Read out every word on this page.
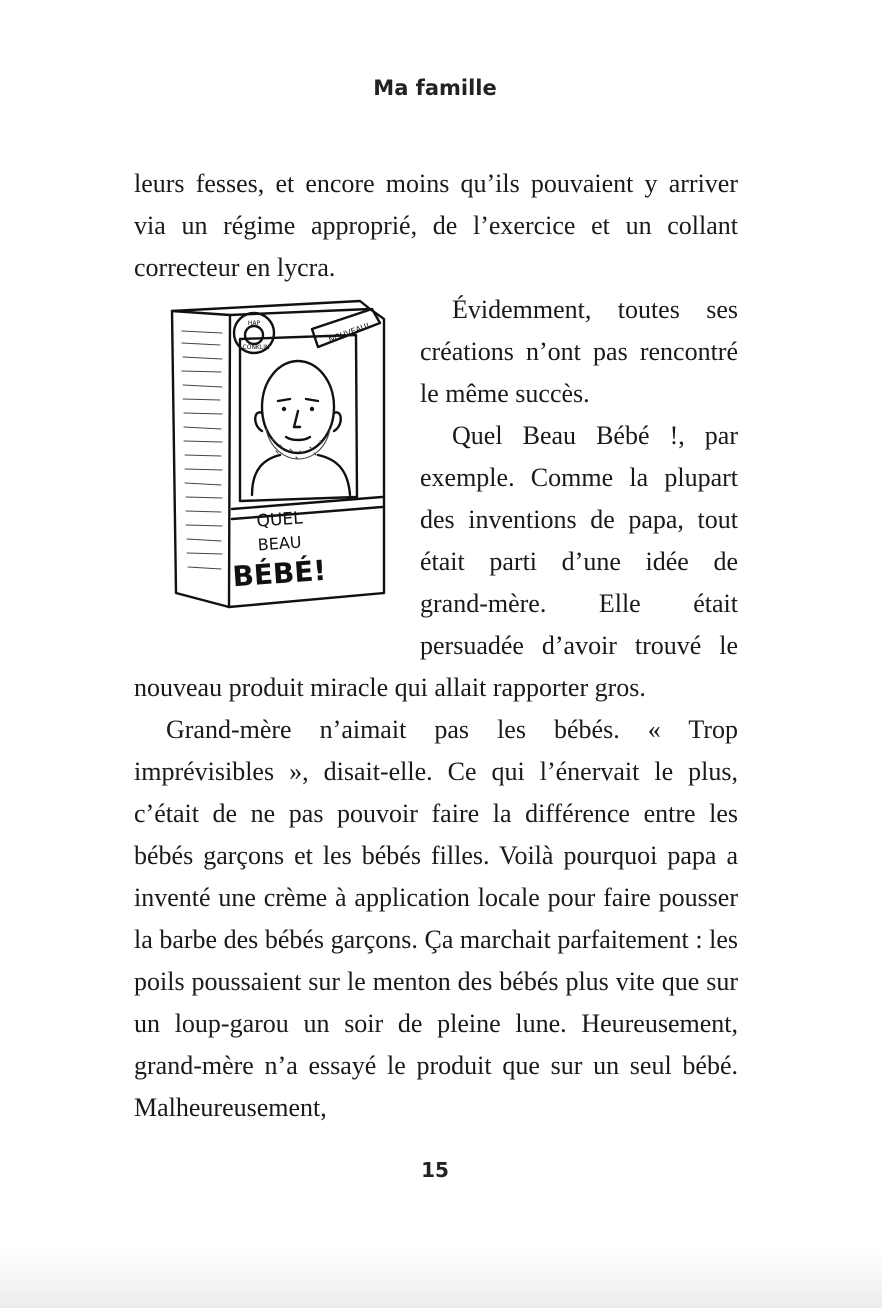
Ma famille

leurs fesses, et encore moins qu’ils pouvaient y arriver via un régime approprié, de l’exercice et un collant correcteur en lycra.

QUEL
BEAU
BÉBÉ!
NOUVEAU!
HAP
CONKLIN

Évidemment, toutes ses créations n’ont pas rencontré le même succès.

Quel Beau Bébé !, par exemple. Comme la plupart des inventions de papa, tout était parti d’une idée de grand-mère. Elle était persuadée d’avoir trouvé le nouveau produit miracle qui allait rapporter gros.

Grand-mère n’aimait pas les bébés. « Trop imprévisibles », disait-elle. Ce qui l’énervait le plus, c’était de ne pas pouvoir faire la différence entre les bébés garçons et les bébés filles. Voilà pourquoi papa a inventé une crème à application locale pour faire pousser la barbe des bébés garçons. Ça marchait parfaitement : les poils poussaient sur le menton des bébés plus vite que sur un loup-garou un soir de pleine lune. Heureusement, grand-mère n’a essayé le produit que sur un seul bébé. Malheureusement,

15
